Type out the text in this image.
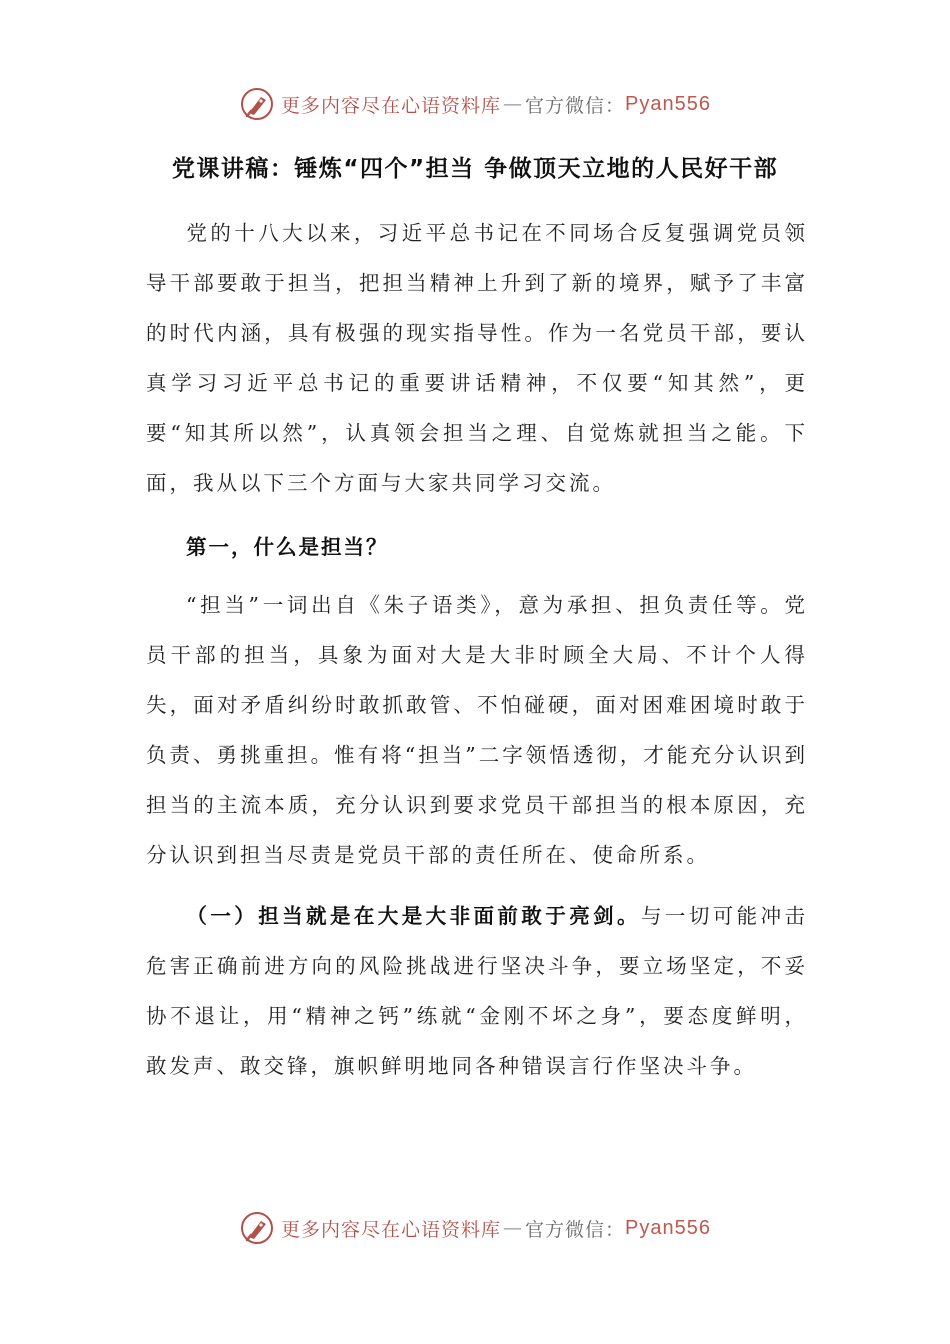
更多内容尽在心语资料库 — 官方微信： Pyan556
党课讲稿：锤炼“四个”担当 争做顶天立地的人民好干部

党的十八大以来，习近平总书记在不同场合反复强调党员领导干部要敢于担当，把担当精神上升到了新的境界，赋予了丰富的时代内涵，具有极强的现实指导性。作为一名党员干部，要认真学习习近平总书记的重要讲话精神，不仅要“知其然”，更要“知其所以然”，认真领会担当之理、自觉炼就担当之能。下面，我从以下三个方面与大家共同学习交流。

第一，什么是担当？

“担当”一词出自《朱子语类》，意为承担、担负责任等。党员干部的担当，具象为面对大是大非时顾全大局、不计个人得失，面对矛盾纠纷时敢抓敢管、不怕碰硬，面对困难困境时敢于负责、勇挑重担。惟有将“担当”二字领悟透彻，才能充分认识到担当的主流本质，充分认识到要求党员干部担当的根本原因，充分认识到担当尽责是党员干部的责任所在、使命所系。

（一）担当就是在大是大非面前敢于亮剑。与一切可能冲击危害正确前进方向的风险挑战进行坚决斗争，要立场坚定，不妥协不退让，用“精神之钙”练就“金刚不坏之身”，要态度鲜明，敢发声、敢交锋，旗帜鲜明地同各种错误言行作坚决斗争。

更多内容尽在心语资料库 — 官方微信： Pyan556
